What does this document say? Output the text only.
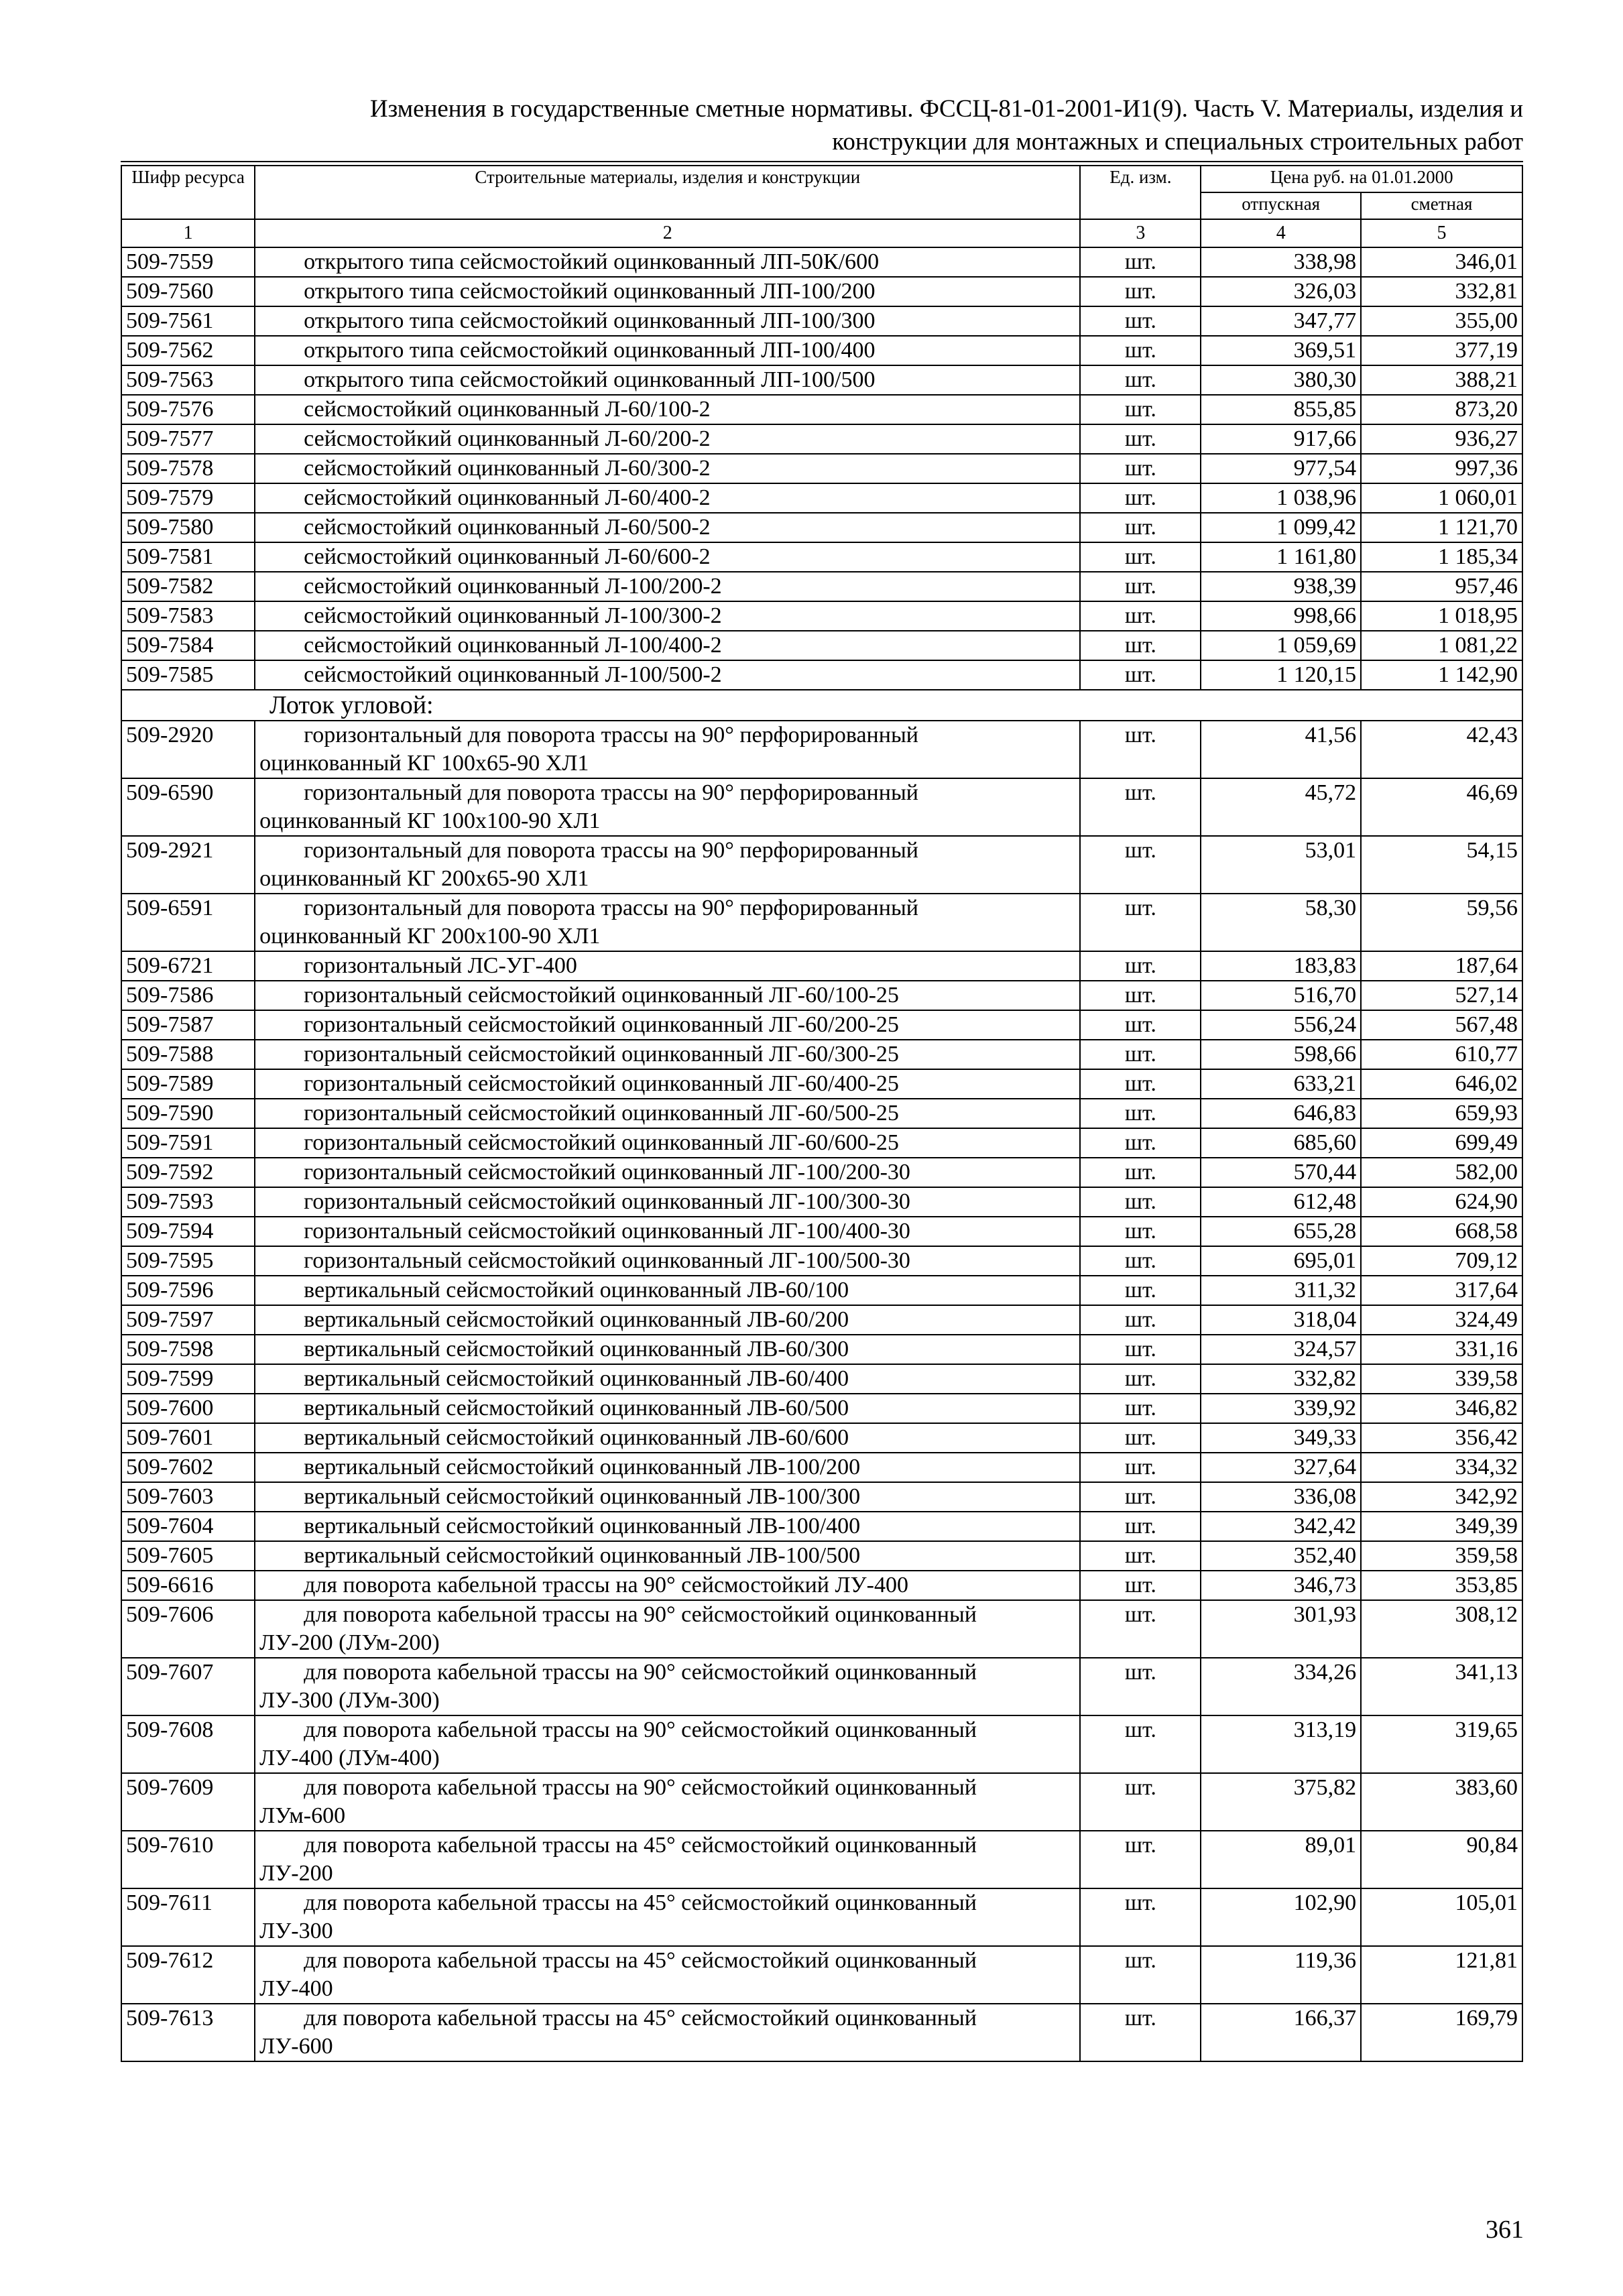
Изменения в государственные сметные нормативы. ФССЦ-81-01-2001-И1(9). Часть V. Материалы, изделия и
конструкции для монтажных и специальных строительных работ
Шифр ресурса	Строительные материалы, изделия и конструкции	Ед. изм.	Цена руб. на 01.01.2000	
			отпускная	сметная
1	2	3	4	5
509-7559	открытого типа сейсмостойкий оцинкованный ЛП-50К/600	шт.	338,98	346,01
509-7560	открытого типа сейсмостойкий оцинкованный ЛП-100/200	шт.	326,03	332,81
509-7561	открытого типа сейсмостойкий оцинкованный ЛП-100/300	шт.	347,77	355,00
509-7562	открытого типа сейсмостойкий оцинкованный ЛП-100/400	шт.	369,51	377,19
509-7563	открытого типа сейсмостойкий оцинкованный ЛП-100/500	шт.	380,30	388,21
509-7576	сейсмостойкий оцинкованный Л-60/100-2	шт.	855,85	873,20
509-7577	сейсмостойкий оцинкованный Л-60/200-2	шт.	917,66	936,27
509-7578	сейсмостойкий оцинкованный Л-60/300-2	шт.	977,54	997,36
509-7579	сейсмостойкий оцинкованный Л-60/400-2	шт.	1 038,96	1 060,01
509-7580	сейсмостойкий оцинкованный Л-60/500-2	шт.	1 099,42	1 121,70
509-7581	сейсмостойкий оцинкованный Л-60/600-2	шт.	1 161,80	1 185,34
509-7582	сейсмостойкий оцинкованный Л-100/200-2	шт.	938,39	957,46
509-7583	сейсмостойкий оцинкованный Л-100/300-2	шт.	998,66	1 018,95
509-7584	сейсмостойкий оцинкованный Л-100/400-2	шт.	1 059,69	1 081,22
509-7585	сейсмостойкий оцинкованный Л-100/500-2	шт.	1 120,15	1 142,90
Лоток угловой:				
509-2920	горизонтальный для поворота трассы на 90° перфорированный
оцинкованный КГ 100х65-90 ХЛ1	шт.	41,56	42,43
509-6590	горизонтальный для поворота трассы на 90° перфорированный
оцинкованный КГ 100х100-90 ХЛ1	шт.	45,72	46,69
509-2921	горизонтальный для поворота трассы на 90° перфорированный
оцинкованный КГ 200х65-90 ХЛ1	шт.	53,01	54,15
509-6591	горизонтальный для поворота трассы на 90° перфорированный
оцинкованный КГ 200х100-90 ХЛ1	шт.	58,30	59,56
509-6721	горизонтальный ЛС-УГ-400	шт.	183,83	187,64
509-7586	горизонтальный сейсмостойкий оцинкованный ЛГ-60/100-25	шт.	516,70	527,14
509-7587	горизонтальный сейсмостойкий оцинкованный ЛГ-60/200-25	шт.	556,24	567,48
509-7588	горизонтальный сейсмостойкий оцинкованный ЛГ-60/300-25	шт.	598,66	610,77
509-7589	горизонтальный сейсмостойкий оцинкованный ЛГ-60/400-25	шт.	633,21	646,02
509-7590	горизонтальный сейсмостойкий оцинкованный ЛГ-60/500-25	шт.	646,83	659,93
509-7591	горизонтальный сейсмостойкий оцинкованный ЛГ-60/600-25	шт.	685,60	699,49
509-7592	горизонтальный сейсмостойкий оцинкованный ЛГ-100/200-30	шт.	570,44	582,00
509-7593	горизонтальный сейсмостойкий оцинкованный ЛГ-100/300-30	шт.	612,48	624,90
509-7594	горизонтальный сейсмостойкий оцинкованный ЛГ-100/400-30	шт.	655,28	668,58
509-7595	горизонтальный сейсмостойкий оцинкованный ЛГ-100/500-30	шт.	695,01	709,12
509-7596	вертикальный сейсмостойкий оцинкованный ЛВ-60/100	шт.	311,32	317,64
509-7597	вертикальный сейсмостойкий оцинкованный ЛВ-60/200	шт.	318,04	324,49
509-7598	вертикальный сейсмостойкий оцинкованный ЛВ-60/300	шт.	324,57	331,16
509-7599	вертикальный сейсмостойкий оцинкованный ЛВ-60/400	шт.	332,82	339,58
509-7600	вертикальный сейсмостойкий оцинкованный ЛВ-60/500	шт.	339,92	346,82
509-7601	вертикальный сейсмостойкий оцинкованный ЛВ-60/600	шт.	349,33	356,42
509-7602	вертикальный сейсмостойкий оцинкованный ЛВ-100/200	шт.	327,64	334,32
509-7603	вертикальный сейсмостойкий оцинкованный ЛВ-100/300	шт.	336,08	342,92
509-7604	вертикальный сейсмостойкий оцинкованный ЛВ-100/400	шт.	342,42	349,39
509-7605	вертикальный сейсмостойкий оцинкованный ЛВ-100/500	шт.	352,40	359,58
509-6616	для поворота кабельной трассы на 90° сейсмостойкий ЛУ-400	шт.	346,73	353,85
509-7606	для поворота кабельной трассы на 90° сейсмостойкий оцинкованный
ЛУ-200 (ЛУм-200)	шт.	301,93	308,12
509-7607	для поворота кабельной трассы на 90° сейсмостойкий оцинкованный
ЛУ-300 (ЛУм-300)	шт.	334,26	341,13
509-7608	для поворота кабельной трассы на 90° сейсмостойкий оцинкованный
ЛУ-400 (ЛУм-400)	шт.	313,19	319,65
509-7609	для поворота кабельной трассы на 90° сейсмостойкий оцинкованный
ЛУм-600	шт.	375,82	383,60
509-7610	для поворота кабельной трассы на 45° сейсмостойкий оцинкованный
ЛУ-200	шт.	89,01	90,84
509-7611	для поворота кабельной трассы на 45° сейсмостойкий оцинкованный
ЛУ-300	шт.	102,90	105,01
509-7612	для поворота кабельной трассы на 45° сейсмостойкий оцинкованный
ЛУ-400	шт.	119,36	121,81
509-7613	для поворота кабельной трассы на 45° сейсмостойкий оцинкованный
ЛУ-600	шт.	166,37	169,79
361
